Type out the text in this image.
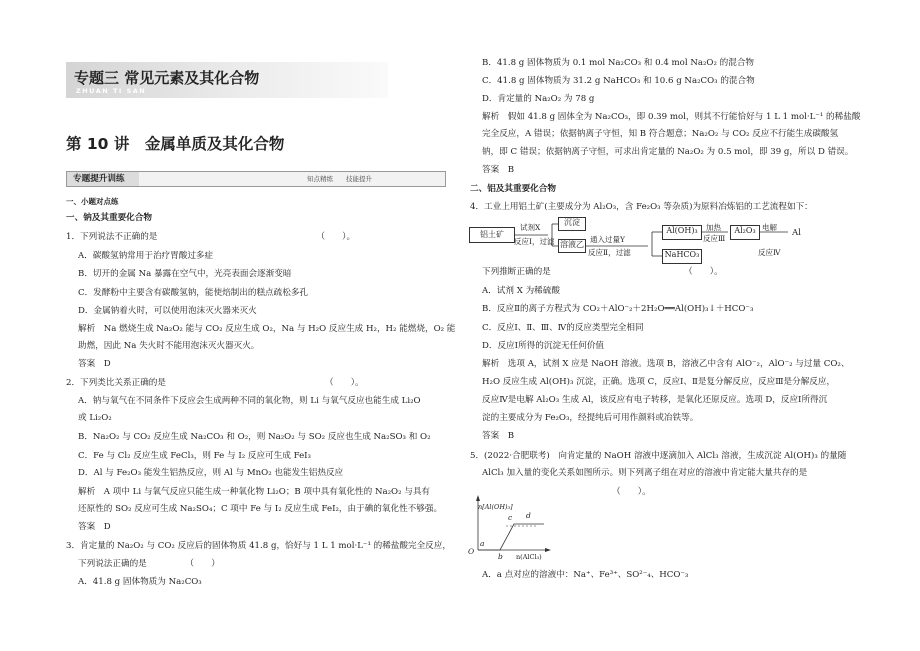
专题三 常见元素及其化合物
ZHUAN TI SAN
第 10 讲　金属单质及其化合物
专题提升训练	知点精练　　技能提升
一、小题对点练
一、钠及其重要化合物
1．下列说法不正确的是　　　　　　　　　　　　　　　　　　　（　　）。
A．碳酸氢钠常用于治疗胃酸过多症
B．切开的金属 Na 暴露在空气中，光亮表面会逐渐变暗
C．发酵粉中主要含有碳酸氢钠，能使焙制出的糕点疏松多孔
D．金属钠着火时，可以使用泡沫灭火器来灭火
解析　Na 燃烧生成 Na₂O₂ 能与 CO₂ 反应生成 O₂，Na 与 H₂O 反应生成 H₂，H₂ 能燃烧，O₂ 能
助燃，因此 Na 失火时不能用泡沫灭火器灭火。
答案　D
2．下列类比关系正确的是　　　　　　　　　　　　　　　　　　　（　　）。
A．钠与氧气在不同条件下反应会生成两种不同的氧化物，则 Li 与氧气反应也能生成 Li₂O
或 Li₂O₂
B．Na₂O₂ 与 CO₂ 反应生成 Na₂CO₃ 和 O₂，则 Na₂O₂ 与 SO₂ 反应也生成 Na₂SO₃ 和 O₂
C．Fe 与 Cl₂ 反应生成 FeCl₃，则 Fe 与 I₂ 反应可生成 FeI₃
D．Al 与 Fe₂O₃ 能发生铝热反应，则 Al 与 MnO₂ 也能发生铝热反应
解析　A 项中 Li 与氧气反应只能生成一种氧化物 Li₂O；B 项中具有氧化性的 Na₂O₂ 与具有
还原性的 SO₂ 反应可生成 Na₂SO₄；C 项中 Fe 与 I₂ 反应生成 FeI₂，由于碘的氧化性不够强。
答案　D
3．肯定量的 Na₂O₂ 与 CO₂ 反应后的固体物质 41.8 g，恰好与 1 L 1 mol·L⁻¹ 的稀盐酸完全反应，
下列说法正确的是　　　　　（　　）
A．41.8 g 固体物质为 Na₂CO₃
B．41.8 g 固体物质为 0.1 mol Na₂CO₃ 和 0.4 mol Na₂O₂ 的混合物
C．41.8 g 固体物质为 31.2 g NaHCO₃ 和 10.6 g Na₂CO₃ 的混合物
D．肯定量的 Na₂O₂ 为 78 g
解析　假如 41.8 g 固体全为 Na₂CO₃，即 0.39 mol，则其不行能恰好与 1 L 1 mol·L⁻¹ 的稀盐酸
完全反应，A 错误；依据钠离子守恒，知 B 符合题意；Na₂O₂ 与 CO₂ 反应不行能生成碳酸氢
钠，即 C 错误；依据钠离子守恒，可求出肯定量的 Na₂O₂ 为 0.5 mol，即 39 g，所以 D 错误。
答案　B
二、铝及其重要化合物
4．工业上用铝土矿(主要成分为 Al₂O₃，含 Fe₂O₃ 等杂质)为原料冶炼铝的工艺流程如下：
铝土矿
试剂X
反应Ⅰ，过滤
沉淀
溶液乙
通入过量Y
反应Ⅱ，过滤
Al(OH)₃
NaHCO₃
加热
反应Ⅲ
Al₂O₃ 电解
反应Ⅳ
Al
下列推断正确的是　　　　　　　　　　　　　　　　（　　）。
A．试剂 X 为稀硫酸
B．反应Ⅱ的离子方程式为 CO₂＋AlO⁻₂＋2H₂O══Al(OH)₃↓＋HCO⁻₃
C．反应Ⅰ、Ⅱ、Ⅲ、Ⅳ的反应类型完全相同
D．反应Ⅰ所得的沉淀无任何价值
解析　选项 A，试剂 X 应是 NaOH 溶液。选项 B，溶液乙中含有 AlO⁻₂，AlO⁻₂ 与过量 CO₂、
H₂O 反应生成 Al(OH)₃ 沉淀，正确。选项 C，反应Ⅰ、Ⅱ是复分解反应，反应Ⅲ是分解反应，
反应Ⅳ是电解 Al₂O₃ 生成 Al，该反应有电子转移，是氧化还原反应。选项 D，反应Ⅰ所得沉
淀的主要成分为 Fe₂O₃，经提纯后可用作颜料或冶铁等。
答案　B
5．(2022·合肥联考)　向肯定量的 NaOH 溶液中逐滴加入 AlCl₃ 溶液，生成沉淀 Al(OH)₃ 的量随
AlCl₃ 加入量的变化关系如图所示。则下列离子组在对应的溶液中肯定能大量共存的是
（　　）。
n[Al(OH)₃]
n(AlCl₃)
O
a
b
c d
A．a 点对应的溶液中：Na⁺、Fe³⁺、SO²⁻₄、HCO⁻₃
